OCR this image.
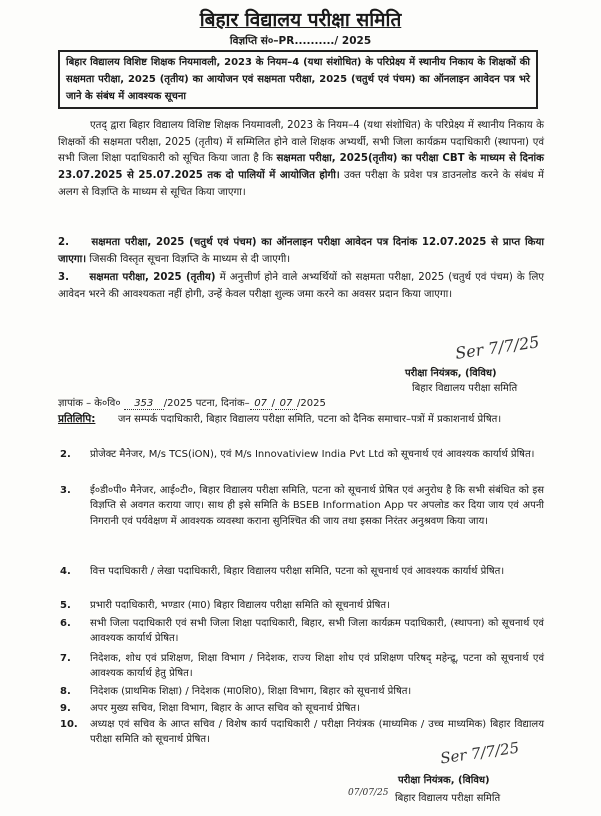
बिहार विद्यालय परीक्षा समिति
विज्ञप्ति सं०–PR........../ 2025
बिहार विद्यालय विशिष्ट शिक्षक नियमावली, 2023 के नियम–4 (यथा संशोधित) के परिप्रेक्ष्य में स्थानीय निकाय के शिक्षकों की सक्षमता परीक्षा, 2025 (तृतीय) का आयोजन एवं सक्षमता परीक्षा, 2025 (चतुर्थ एवं पंचम) का ऑनलाइन आवेदन पत्र भरे जाने के संबंध में आवश्यक सूचना
एतद् द्वारा बिहार विद्यालय विशिष्ट शिक्षक नियमावली, 2023 के नियम–4 (यथा संशोधित) के परिप्रेक्ष्य में स्थानीय निकाय के शिक्षकों की सक्षमता परीक्षा, 2025 (तृतीय) में सम्मिलित होने वाले शिक्षक अभ्यर्थी, सभी जिला कार्यक्रम पदाधिकारी (स्थापना) एवं सभी जिला शिक्षा पदाधिकारी को सूचित किया जाता है कि सक्षमता परीक्षा, 2025(तृतीय) का परीक्षा CBT के माध्यम से दिनांक 23.07.2025 से 25.07.2025 तक दो पालियों में आयोजित होगी। उक्त परीक्षा के प्रवेश पत्र डाउनलोड करने के संबंध में अलग से विज्ञप्ति के माध्यम से सूचित किया जाएगा।
2. सक्षमता परीक्षा, 2025 (चतुर्थ एवं पंचम) का ऑनलाइन परीक्षा आवेदन पत्र दिनांक 12.07.2025 से प्राप्त किया जाएगा। जिसकी विस्तृत सूचना विज्ञप्ति के माध्यम से दी जाएगी।
3. सक्षमता परीक्षा, 2025 (तृतीय) में अनुत्तीर्ण होने वाले अभ्यर्थियों को सक्षमता परीक्षा, 2025 (चतुर्थ एवं पंचम) के लिए आवेदन भरने की आवश्यकता नहीं होगी, उन्हें केवल परीक्षा शुल्क जमा करने का अवसर प्रदान किया जाएगा।
Ser 7/7/25
परीक्षा नियंत्रक, (विविध)
बिहार विद्यालय परीक्षा समिति
ज्ञापांक – के०वि० 353 /2025 पटना, दिनांक– 07 / 07 /2025
प्रतिलिपि: जन सम्पर्क पदाधिकारी, बिहार विद्यालय परीक्षा समिति, पटना को दैनिक समाचार–पत्रों में प्रकाशनार्थ प्रेषित।
2. प्रोजेक्ट मैनेजर, M/s TCS(iON), एवं M/s Innovatiview India Pvt Ltd को सूचनार्थ एवं आवश्यक कार्यार्थ प्रेषित।
3. ई०डी०पी० मैनेजर, आई०टी०, बिहार विद्यालय परीक्षा समिति, पटना को सूचनार्थ प्रेषित एवं अनुरोध है कि सभी संबंधित को इस विज्ञप्ति से अवगत कराया जाए। साथ ही इसे समिति के BSEB Information App पर अपलोड कर दिया जाय एवं अपनी निगरानी एवं पर्यवेक्षण में आवश्यक व्यवस्था कराना सुनिश्चित की जाय तथा इसका निरंतर अनुश्रवण किया जाय।
4. वित्त पदाधिकारी / लेखा पदाधिकारी, बिहार विद्यालय परीक्षा समिति, पटना को सूचनार्थ एवं आवश्यक कार्यार्थ प्रेषित।
5. प्रभारी पदाधिकारी, भण्डार (मा0) बिहार विद्यालय परीक्षा समिति को सूचनार्थ प्रेषित।
6. सभी जिला पदाधिकारी एवं सभी जिला शिक्षा पदाधिकारी, बिहार, सभी जिला कार्यक्रम पदाधिकारी, (स्थापना) को सूचनार्थ एवं आवश्यक कार्यार्थ प्रेषित।
7. निदेशक, शोध एवं प्रशिक्षण, शिक्षा विभाग / निदेशक, राज्य शिक्षा शोध एवं प्रशिक्षण परिषद् महेन्द्रू, पटना को सूचनार्थ एवं आवश्यक कार्यार्थ हेतु प्रेषित।
8. निदेशक (प्राथमिक शिक्षा) / निदेशक (मा0शि0), शिक्षा विभाग, बिहार को सूचनार्थ प्रेषित।
9. अपर मुख्य सचिव, शिक्षा विभाग, बिहार के आप्त सचिव को सूचनार्थ प्रेषित।
10. अध्यक्ष एवं सचिव के आप्त सचिव / विशेष कार्य पदाधिकारी / परीक्षा नियंत्रक (माध्यमिक / उच्च माध्यमिक) बिहार विद्यालय परीक्षा समिति को सूचनार्थ प्रेषित।	Ser 7/7/25
परीक्षा नियंत्रक, (विविध)
07/07/25 बिहार विद्यालय परीक्षा समिति
